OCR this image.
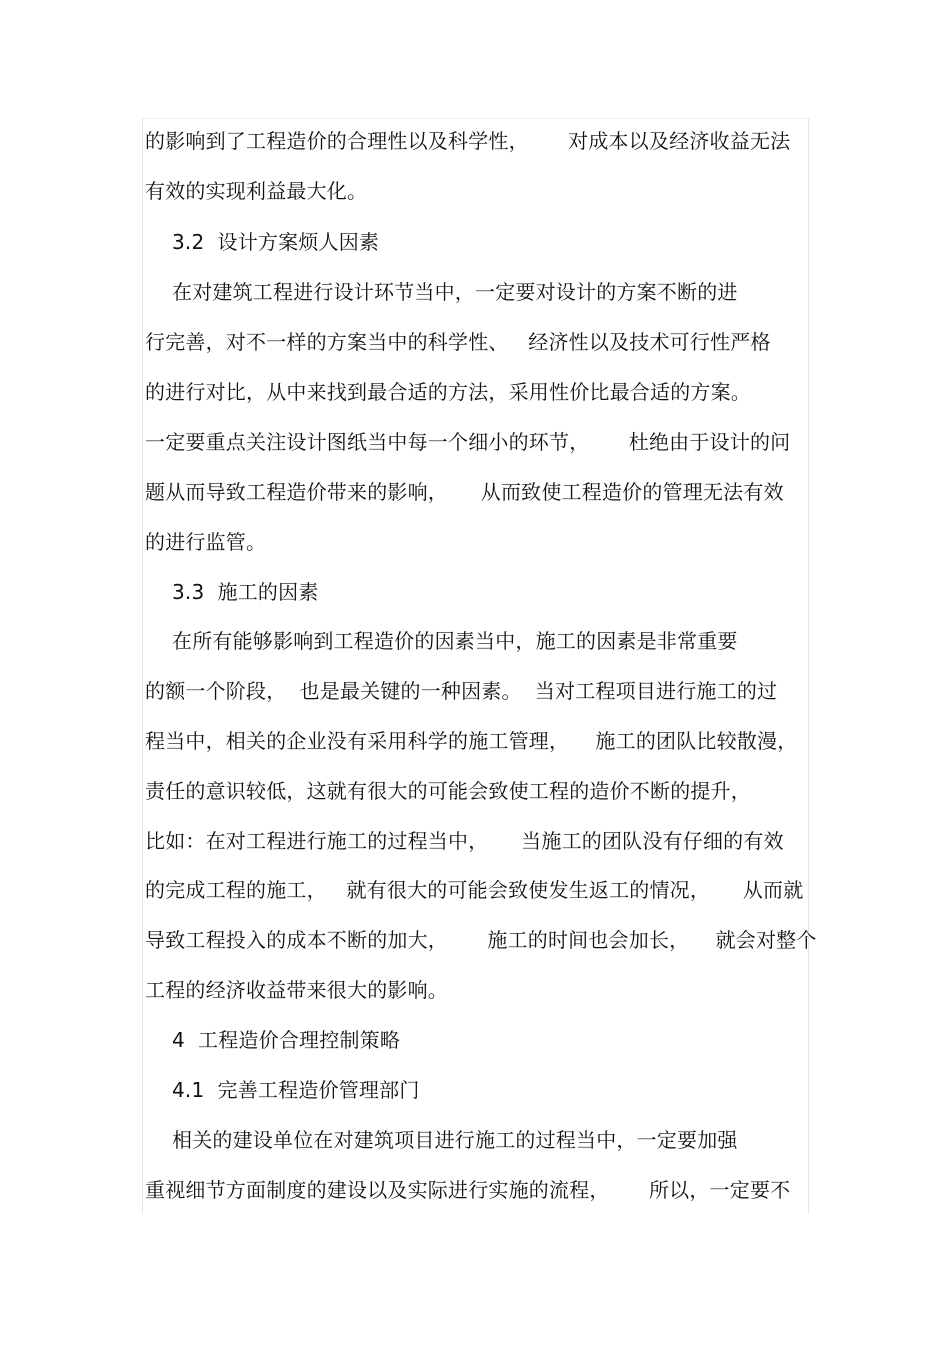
的影响到了工程造价的合理性以及科学性，      对成本以及经济收益无法
有效的实现利益最大化。
3.2  设计方案烦人因素
在对建筑工程进行设计环节当中，一定要对设计的方案不断的进
行完善，对不一样的方案当中的科学性、   经济性以及技术可行性严格
的进行对比，从中来找到最合适的方法，采用性价比最合适的方案。
一定要重点关注设计图纸当中每一个细小的环节，      杜绝由于设计的问
题从而导致工程造价带来的影响，     从而致使工程造价的管理无法有效
的进行监管。
3.3  施工的因素
在所有能够影响到工程造价的因素当中，施工的因素是非常重要
的额一个阶段，  也是最关键的一种因素。  当对工程项目进行施工的过
程当中，相关的企业没有采用科学的施工管理，    施工的团队比较散漫，
责任的意识较低，这就有很大的可能会致使工程的造价不断的提升，
比如：在对工程进行施工的过程当中，     当施工的团队没有仔细的有效
的完成工程的施工，   就有很大的可能会致使发生返工的情况，     从而就
导致工程投入的成本不断的加大，      施工的时间也会加长，    就会对整个
工程的经济收益带来很大的影响。
4  工程造价合理控制策略
4.1  完善工程造价管理部门
相关的建设单位在对建筑项目进行施工的过程当中，一定要加强
重视细节方面制度的建设以及实际进行实施的流程，      所以，一定要不
